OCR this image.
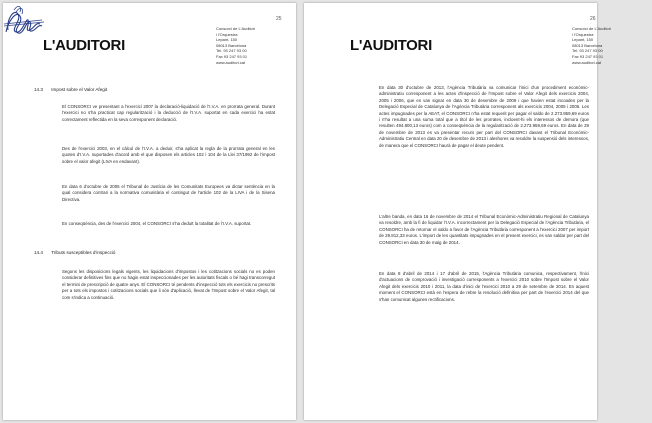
25
L'AUDITORI
Consorci de L'Auditori
i l'Orquestra
Lepant, 150
08013 Barcelona
Tel. 93 247 93 00
Fax 93 247 93 01
www.auditori.cat
14.3 Impost sobre el Valor Afegit

El CONSORCI ve presentant a l'exercici 2007 la declaració-liquidació de l'I.V.A. en prorrata general. Durant l'exercici no s'ha practicat cap regularització i la deducció de l'I.V.A. suportat en cada exercici ha estat correctament reflectida en la seva corresponent declaració.

Des de l'exercici 2003, en el càlcul de l'I.V.A. a deduir, s'ha aplicat la regla de la prorrata general en les quotes d'I.V.A. suportades d'acord amb el que disposen els articles 102 i 104 de la Llei 37/1992 de l'impost sobre el valor afegit (LIVA en endavant).

En data 6 d'octubre de 2005 el Tribunal de Justícia de les Comunitats Europees va dictar sentència en la qual considera contrari a la normativa comunitària el contingut de l'article 102 de la LIVA i de la Sisena Directiva.

En conseqüència, des de l'exercici 2004, el CONSORCI s'ha deduït la totalitat de l'I.V.A. suportat.

14.4 Tributs susceptibles d'inspecció

Segons les disposicions legals vigents, les liquidacions d'impostos i les cotitzacions socials no es poden considerar definitives fins que no hagin estat inspeccionades per les autoritats fiscals o bé hagi transcorregut el termini de prescripció de quatre anys. El CONSORCI té pendents d'inspecció tots els exercicis no prescrits per a tots els impostos i cotitzacions socials que li són d'aplicació, llevat de l'Impost sobre el Valor Afegit, tal com s'indica a continuació.

26
L'AUDITORI
Consorci de L'Auditori
i l'Orquestra
Lepant, 150
08013 Barcelona
Tel. 93 247 93 00
Fax 93 247 93 01
www.auditori.cat

En data 30 d'octubre de 2013, l'Agència Tributària va comunicar l'inici d'un procediment econòmic-administratiu corresponent a les actes d'inspecció de l'Impost sobre el Valor Afegit dels exercicis 2004, 2005 i 2006, que es van signar en data 30 de desembre de 2009 i que havien estat incoades per la Delegació Especial de Catalunya de l'Agència Tributària corresponent als exercicis 2004, 2005 i 2006. Les actes impugnades per la AEAT, el CONSORCI n'ha estat requerit per pagar el saldo de 2.273.959,69 euros i n'ha resultat a una suma total que a títol de les prorrates, incloent-hi els interessos de demora (que resulten 494.800,13 euros) com a conseqüència de la regularització de 2.273.959,69 euros. En data de 29 de novembre de 2013 es va presentar recurs per part del CONSORCI davant el Tribunal Econòmic-Administratiu Central en data 20 de desembre de 2013 i aleshores va resoldre la suspensió dels interessos, de manera que el CONSORCI haurà de pagar el deute pendent.

L'altre banda, en data 16 de novembre de 2014 el Tribunal Econòmic-Administratiu Regional de Catalunya va resoldre, amb la fi de liquidar l'I.V.A. incorrectament per la Delegació Especial de l'Agència Tributària, el CONSORCI ha de retornar el saldo a favor de l'Agència Tributària corresponent a l'exercici 2007 per import de 29.812,33 euros. L'import de les quantitats impugnades en el present exercici, es van saldar per part del CONSORCI en data 30 de maig de 2014.

En data 8 d'abril de 2014 i 17 d'abril de 2015, l'Agència Tributària comunica, respectivament, l'inici d'actuacions de comprovació i investigació corresponents a l'exercici 2010 sobre l'Impost sobre el Valor Afegit dels exercicis 2010 i 2011, la data d'inici de l'exercici 2010 a 29 de setembre de 2014. En aquest moment el CONSORCI està en l'espera de rebre la resolució definitiva per part de l'exercici 2014 del que s'han comunicat algunes rectificacions.
